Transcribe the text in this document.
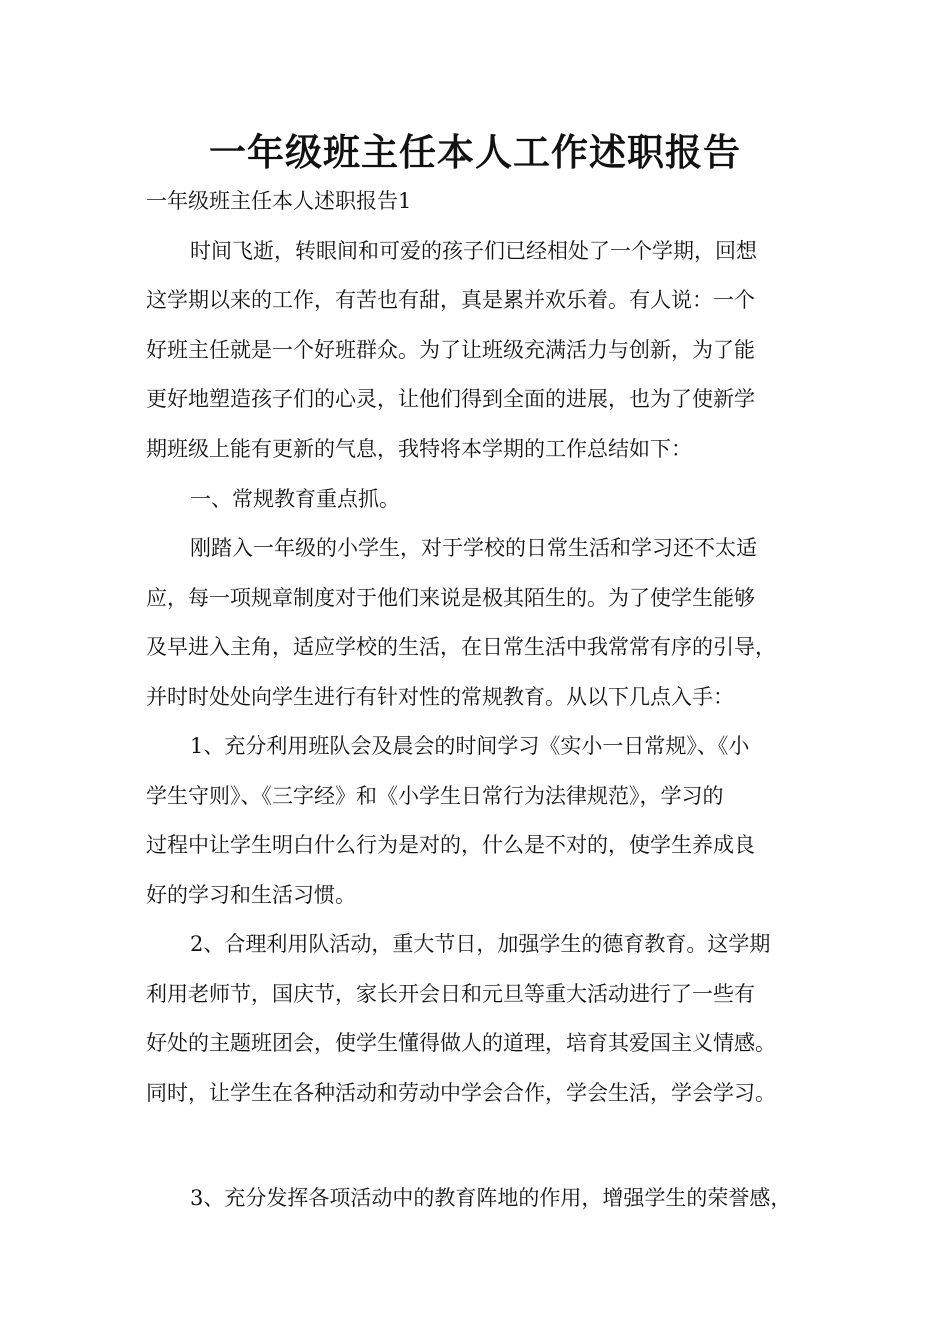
一年级班主任本人工作述职报告

一年级班主任本人述职报告1

时间飞逝，转眼间和可爱的孩子们已经相处了一个学期，回想

这学期以来的工作，有苦也有甜，真是累并欢乐着。有人说：一个

好班主任就是一个好班群众。为了让班级充满活力与创新，为了能

更好地塑造孩子们的心灵，让他们得到全面的进展，也为了使新学

期班级上能有更新的气息，我特将本学期的工作总结如下：

一、常规教育重点抓。

刚踏入一年级的小学生，对于学校的日常生活和学习还不太适

应，每一项规章制度对于他们来说是极其陌生的。为了使学生能够

及早进入主角，适应学校的生活，在日常生活中我常常有序的引导，

并时时处处向学生进行有针对性的常规教育。从以下几点入手：

1、充分利用班队会及晨会的时间学习《实小一日常规》、《小

学生守则》、《三字经》和《小学生日常行为法律规范》，学习的

过程中让学生明白什么行为是对的，什么是不对的，使学生养成良

好的学习和生活习惯。

2、合理利用队活动，重大节日，加强学生的德育教育。这学期

利用老师节，国庆节，家长开会日和元旦等重大活动进行了一些有

好处的主题班团会，使学生懂得做人的道理，培育其爱国主义情感。

同时，让学生在各种活动和劳动中学会合作，学会生活，学会学习。

3、充分发挥各项活动中的教育阵地的作用，增强学生的荣誉感，
